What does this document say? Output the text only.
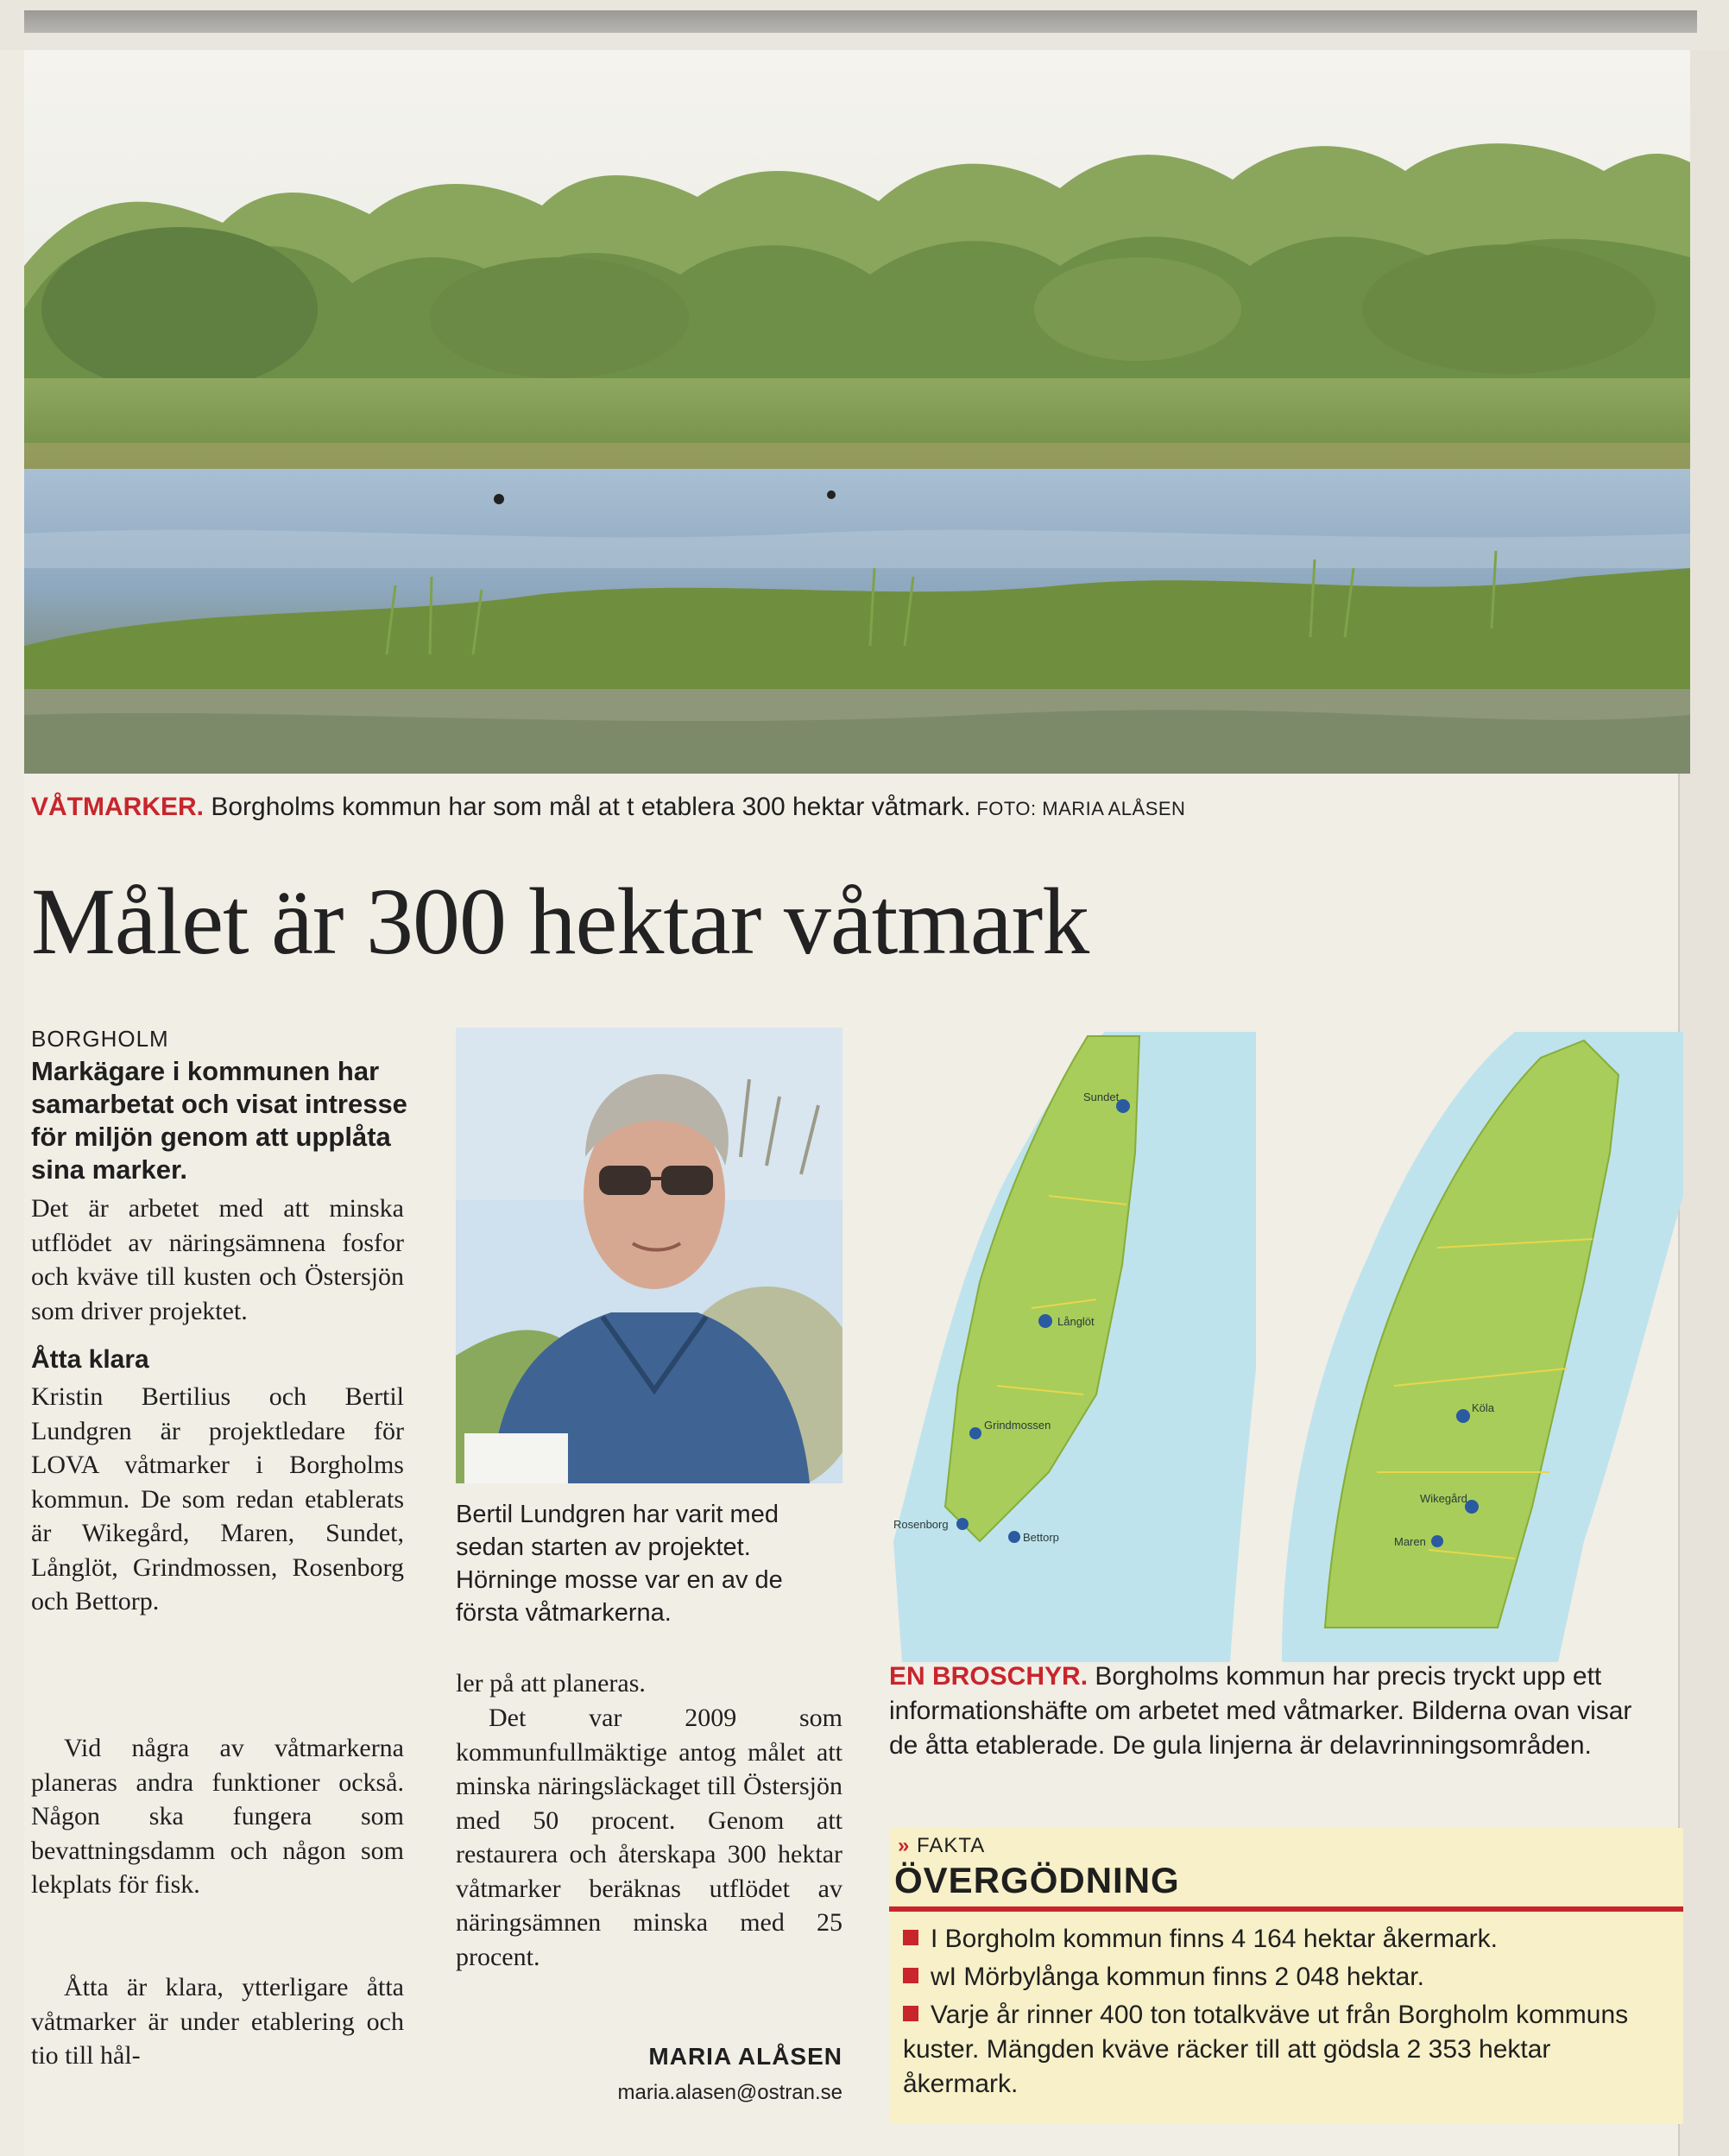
VÅTMARKER. Borgholms kommun har som mål at t etablera 300 hektar våtmark. FOTO: MARIA ALÅSEN
Målet är 300 hektar våtmark
BORGHOLM
Markägare i kommunen har samarbetat och visat intresse för miljön genom att upplåta sina marker.
Det är arbetet med att minska utflödet av näringsämnena fosfor och kväve till kusten och Östersjön som driver projektet.
Åtta klara
Kristin Bertilius och Bertil Lundgren är projektledare för LOVA våtmarker i Borgholms kommun. De som redan etablerats är Wikegård, Maren, Sundet, Långlöt, Grindmossen, Rosenborg och Bettorp.
Vid några av våtmarkerna planeras andra funktioner också. Någon ska fungera som bevattningsdamm och någon som lekplats för fisk.
Åtta är klara, ytterligare åtta våtmarker är under etablering och tio till hål-
Bertil Lundgren har varit med sedan starten av projektet. Hörninge mosse var en av de första våtmarkerna.
ler på att planeras.
Det var 2009 som kommunfullmäktige antog målet att minska näringsläckaget till Östersjön med 50 procent. Genom att restaurera och återskapa 300 hektar våtmarker beräknas utflödet av näringsämnen minska med 25 procent.
MARIA ALÅSEN
maria.alasen@ostran.se
Sundet
Långlöt
Grindmossen
Rosenborg
Bettorp
Köla
Wikegård
Maren
EN BROSCHYR. Borgholms kommun har precis tryckt upp ett informationshäfte om arbetet med våtmarker. Bilderna ovan visar de åtta etablerade. De gula linjerna är delavrinningsområden.
» FAKTA
ÖVERGÖDNING
I Borgholm kommun finns 4 164 hektar åkermark.
wI Mörbylånga kommun finns 2 048 hektar.
Varje år rinner 400 ton totalkväve ut från Borgholm kommuns kuster. Mängden kväve räcker till att gödsla 2 353 hektar åkermark.
